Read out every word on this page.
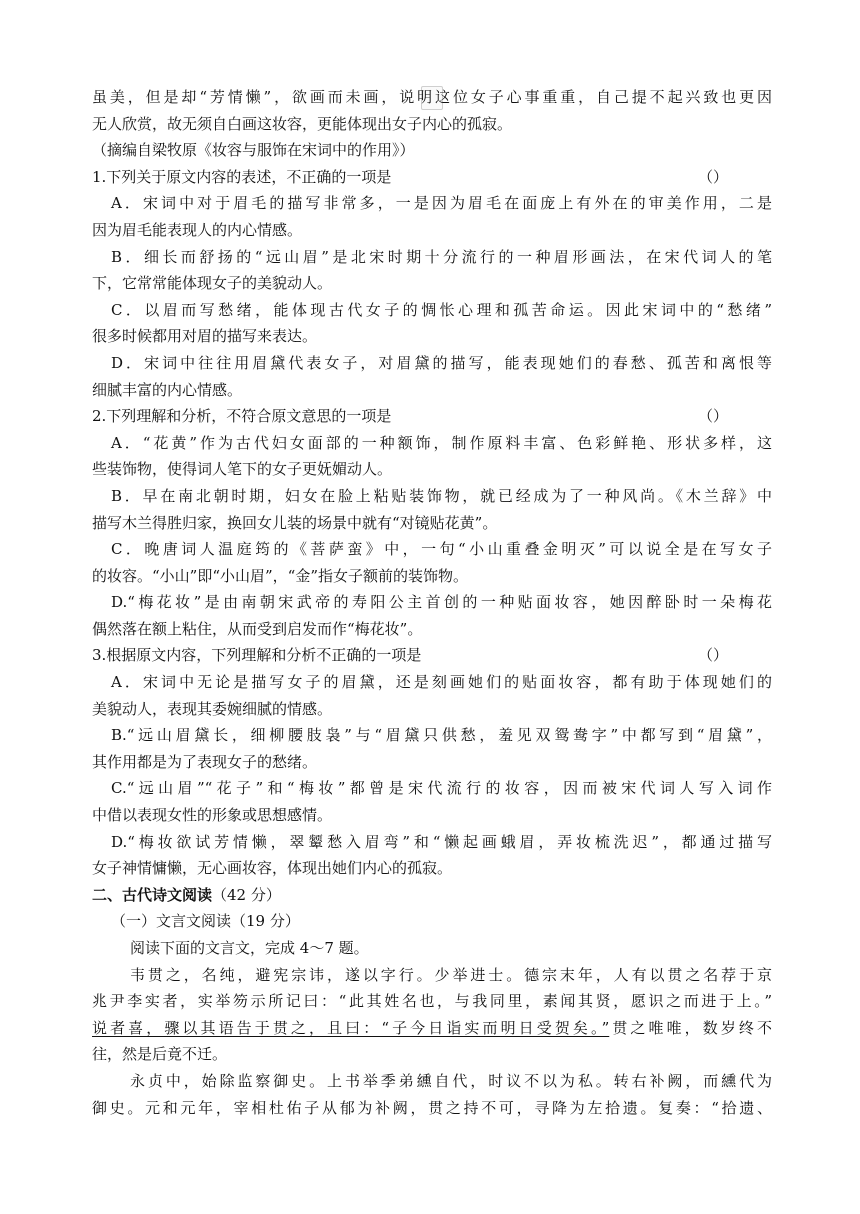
虽美，但是却“芳情懒”，欲画而未画，说明这位女子心事重重，自己提不起兴致也更因
无人欣赏，故无须自白画这妆容，更能体现出女子内心的孤寂。
（摘编自梁牧原《妆容与服饰在宋词中的作用》）
1.下列关于原文内容的表述，不正确的一项是	（）
A．宋词中对于眉毛的描写非常多，一是因为眉毛在面庞上有外在的审美作用，二是
因为眉毛能表现人的内心情感。
B．细长而舒扬的“远山眉”是北宋时期十分流行的一种眉形画法，在宋代词人的笔
下，它常常能体现女子的美貌动人。
C．以眉而写愁绪，能体现古代女子的惆怅心理和孤苦命运。因此宋词中的“愁绪”
很多时候都用对眉的描写来表达。
D．宋词中往往用眉黛代表女子，对眉黛的描写，能表现她们的春愁、孤苦和离恨等
细腻丰富的内心情感。
2.下列理解和分析，不符合原文意思的一项是	（）
A．“花黄”作为古代妇女面部的一种额饰，制作原料丰富、色彩鲜艳、形状多样，这
些装饰物，使得词人笔下的女子更妩媚动人。
B．早在南北朝时期，妇女在脸上粘贴装饰物，就已经成为了一种风尚。《木兰辞》中
描写木兰得胜归家，换回女儿装的场景中就有“对镜贴花黄”。
C．晚唐词人温庭筠的《菩萨蛮》中，一句“小山重叠金明灭”可以说全是在写女子
的妆容。“小山”即“小山眉”，“金”指女子额前的装饰物。
D.“梅花妆”是由南朝宋武帝的寿阳公主首创的一种贴面妆容，她因醉卧时一朵梅花
偶然落在额上粘住，从而受到启发而作“梅花妆”。
3.根据原文内容，下列理解和分析不正确的一项是	（）
A．宋词中无论是描写女子的眉黛，还是刻画她们的贴面妆容，都有助于体现她们的
美貌动人，表现其委婉细腻的情感。
B.“远山眉黛长，细柳腰肢袅”与“眉黛只供愁，羞见双鸳鸯字”中都写到“眉黛”，
其作用都是为了表现女子的愁绪。
C.“远山眉”“花子”和“梅妆”都曾是宋代流行的妆容，因而被宋代词人写入词作
中借以表现女性的形象或思想感情。
D.“梅妆欲试芳情懒，翠颦愁入眉弯”和“懒起画蛾眉，弄妆梳洗迟”，都通过描写
女子神情慵懒，无心画妆容，体现出她们内心的孤寂。
二、古代诗文阅读（42 分）
（一）文言文阅读（19 分）
阅读下面的文言文，完成 4～7 题。
韦贯之，名纯，避宪宗讳，遂以字行。少举进士。德宗末年，人有以贯之名荐于京
兆尹李实者，实举笏示所记曰：“此其姓名也，与我同里，素闻其贤，愿识之而进于上。”
说者喜，骤以其语告于贯之，且曰：“子今日诣实而明日受贺矣。”贯之唯唯，数岁终不
往，然是后竟不迁。
永贞中，始除监察御史。上书举季弟纁自代，时议不以为私。转右补阙，而纁代为
御史。元和元年，宰相杜佑子从郁为补阙，贯之持不可，寻降为左拾遗。复奏：“拾遗、
